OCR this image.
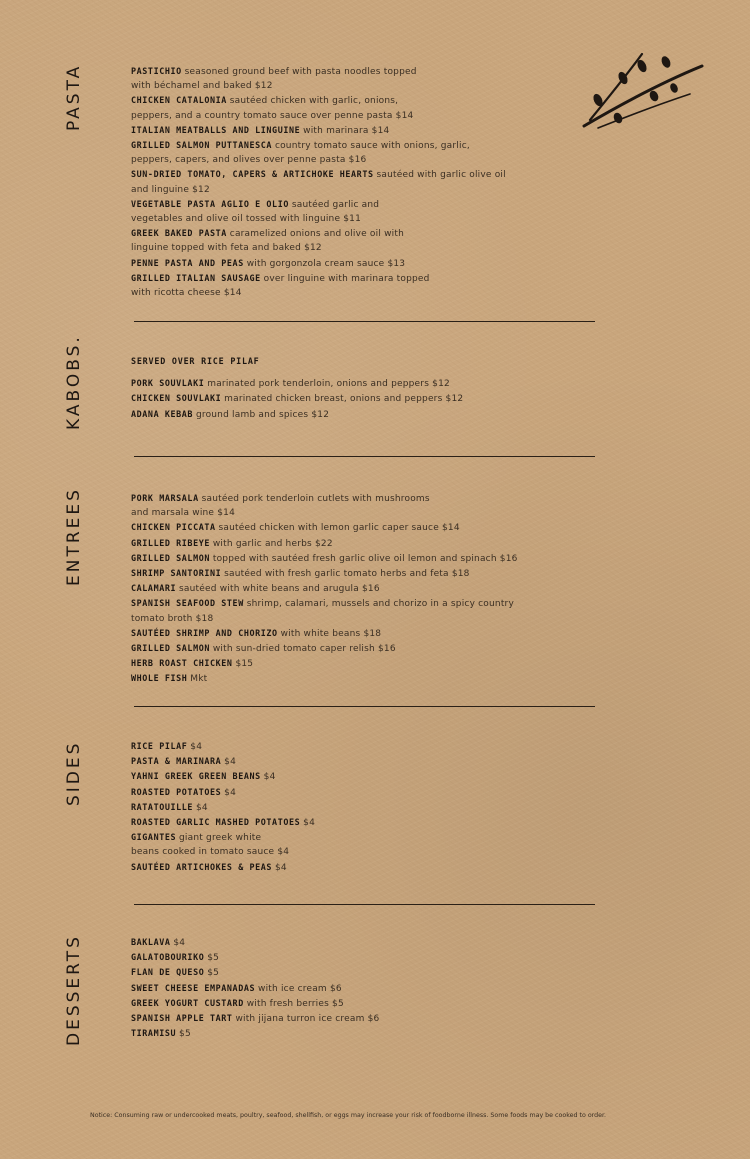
PASTA	PASTICHIO seasoned ground beef with pasta noodles topped
with béchamel and baked $12
CHICKEN CATALONIA sautéed chicken with garlic, onions,
peppers, and a country tomato sauce over penne pasta $14
ITALIAN MEATBALLS AND LINGUINE with marinara $14
GRILLED SALMON PUTTANESCA country tomato sauce with onions, garlic,
peppers, capers, and olives over penne pasta $16
SUN-DRIED TOMATO, CAPERS & ARTICHOKE HEARTS sautéed with garlic olive oil
and linguine $12
VEGETABLE PASTA AGLIO E OLIO sautéed garlic and
vegetables and olive oil tossed with linguine $11
GREEK BAKED PASTA caramelized onions and olive oil with
linguine topped with feta and baked $12
PENNE PASTA AND PEAS with gorgonzola cream sauce $13
GRILLED ITALIAN SAUSAGE over linguine with marinara topped
with ricotta cheese $14
KABOBS.	SERVED OVER RICE PILAF
PORK SOUVLAKI marinated pork tenderloin, onions and peppers $12
CHICKEN SOUVLAKI marinated chicken breast, onions and peppers $12
ADANA KEBAB ground lamb and spices $12
ENTREES	PORK MARSALA sautéed pork tenderloin cutlets with mushrooms
and marsala wine $14
CHICKEN PICCATA sautéed chicken with lemon garlic caper sauce $14
GRILLED RIBEYE with garlic and herbs $22
GRILLED SALMON topped with sautéed fresh garlic olive oil lemon and spinach $16
SHRIMP SANTORINI sautéed with fresh garlic tomato herbs and feta $18
CALAMARI sautéed with white beans and arugula $16
SPANISH SEAFOOD STEW shrimp, calamari, mussels and chorizo in a spicy country
tomato broth $18
SAUTÉED SHRIMP AND CHORIZO with white beans $18
GRILLED SALMON with sun-dried tomato caper relish $16
HERB ROAST CHICKEN $15
WHOLE FISH Mkt
SIDES	RICE PILAF $4
PASTA & MARINARA $4
YAHNI GREEK GREEN BEANS $4
ROASTED POTATOES $4
RATATOUILLE $4
ROASTED GARLIC MASHED POTATOES $4
GIGANTES giant greek white
beans cooked in tomato sauce $4
SAUTÉED ARTICHOKES & PEAS $4
DESSERTS	BAKLAVA $4
GALATOBOURIKO $5
FLAN DE QUESO $5
SWEET CHEESE EMPANADAS with ice cream $6
GREEK YOGURT CUSTARD with fresh berries $5
SPANISH APPLE TART with jijana turron ice cream $6
TIRAMISU $5
Notice: Consuming raw or undercooked meats, poultry, seafood, shellfish, or eggs may increase your risk of foodborne illness. Some foods may be cooked to order.
